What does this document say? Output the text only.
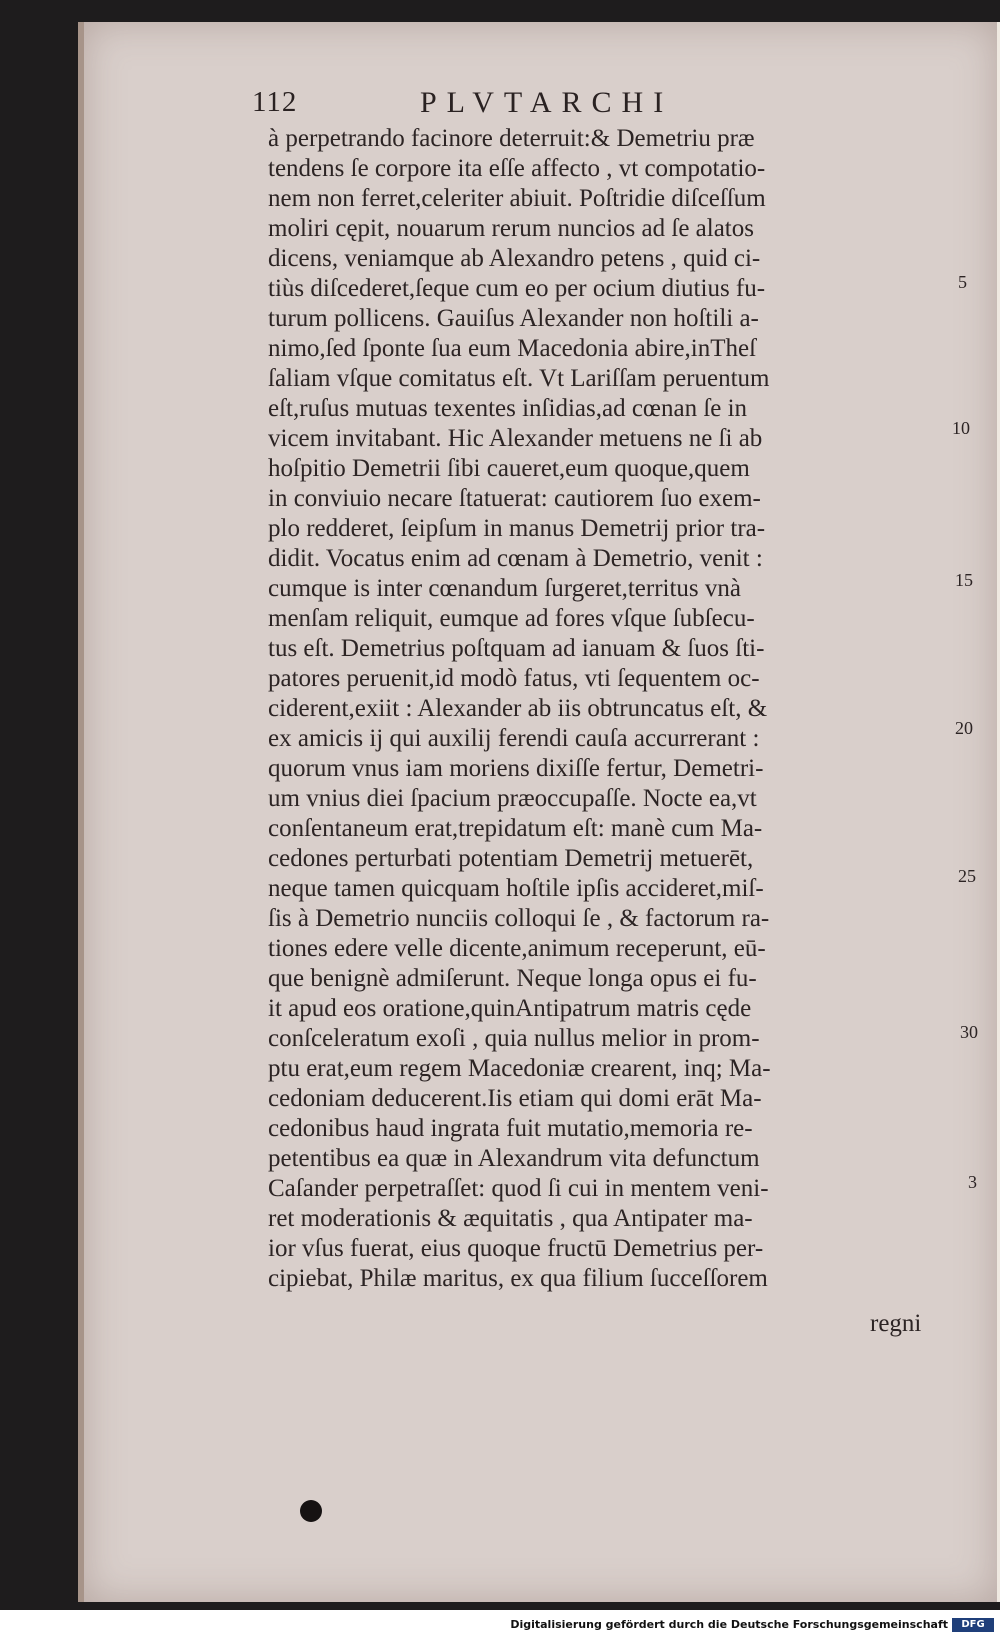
112	PLVTARCHI
à perpetrando facinore deterruit:& Demetriu præ
tendens ſe corpore ita eſſe affecto , vt compotatio-
nem non ferret,celeriter abiuit. Poſtridie diſceſſum
moliri cępit, nouarum rerum nuncios ad ſe alatos
dicens, veniamque ab Alexandro petens , quid ci-
tiùs diſcederet,ſeque cum eo per ocium diutius fu-
turum pollicens. Gauiſus Alexander non hoſtili a-
nimo,ſed ſponte ſua eum Macedonia abire,inTheſ
ſaliam vſque comitatus eſt. Vt Lariſſam peruentum
eſt,ruſus mutuas texentes inſidias,ad cœnan ſe in
vicem invitabant. Hic Alexander metuens ne ſi ab
hoſpitio Demetrii ſibi caueret,eum quoque,quem
in conviuio necare ſtatuerat: cautiorem ſuo exem-
plo redderet, ſeipſum in manus Demetrij prior tra-
didit. Vocatus enim ad cœnam à Demetrio, venit :
cumque is inter cœnandum ſurgeret,territus vnà
menſam reliquit, eumque ad fores vſque ſubſecu-
tus eſt. Demetrius poſtquam ad ianuam & ſuos ſti-
patores peruenit,id modò fatus, vti ſequentem oc-
ciderent,exiit : Alexander ab iis obtruncatus eſt, &
ex amicis ij qui auxilij ferendi cauſa accurrerant :
quorum vnus iam moriens dixiſſe fertur, Demetri-
um vnius diei ſpacium præoccupaſſe. Nocte ea,vt
conſentaneum erat,trepidatum eſt: manè cum Ma-
cedones perturbati potentiam Demetrij metuerēt,
neque tamen quicquam hoſtile ipſis accideret,miſ-
ſis à Demetrio nunciis colloqui ſe , & factorum ra-
tiones edere velle dicente,animum receperunt, eū-
que benignè admiſerunt. Neque longa opus ei fu-
it apud eos oratione,quinAntipatrum matris cęde
conſceleratum exoſi , quia nullus melior in prom-
ptu erat,eum regem Macedoniæ crearent, inq; Ma-
cedoniam deducerent.Iis etiam qui domi erāt Ma-
cedonibus haud ingrata fuit mutatio,memoria re-
petentibus ea quæ in Alexandrum vita defunctum
Caſander perpetraſſet: quod ſi cui in mentem veni-
ret moderationis & æquitatis , qua Antipater ma-
ior vſus fuerat, eius quoque fructū Demetrius per-
cipiebat, Philæ maritus, ex qua filium ſucceſſorem
5
10
15
20
25
30
3
regni
Digitalisierung gefördert durch die Deutsche Forschungsgemeinschaft	DFG
